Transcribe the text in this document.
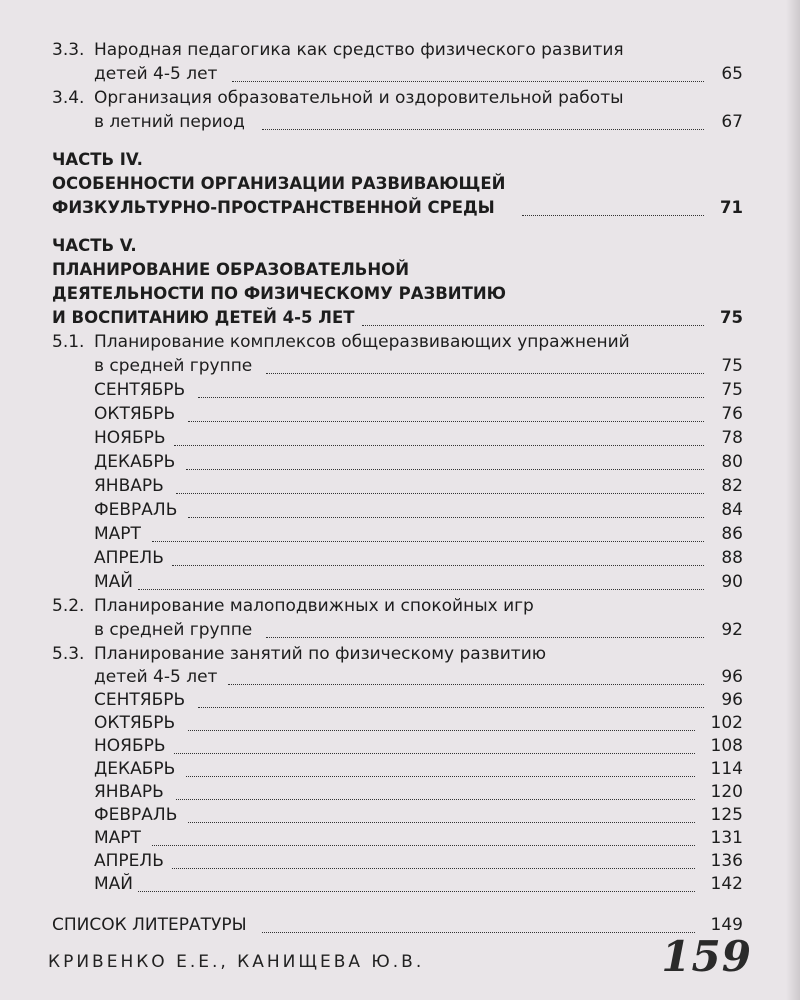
3.3. Народная педагогика как средство физического развития
детей 4-5 лет	65
3.4. Организация образовательной и оздоровительной работы
в летний период	67
ЧАСТЬ IV.
ОСОБЕННОСТИ ОРГАНИЗАЦИИ РАЗВИВАЮЩЕЙ
ФИЗКУЛЬТУРНО-ПРОСТРАНСТВЕННОЙ СРЕДЫ	71
ЧАСТЬ V.
ПЛАНИРОВАНИЕ ОБРАЗОВАТЕЛЬНОЙ
ДЕЯТЕЛЬНОСТИ ПО ФИЗИЧЕСКОМУ РАЗВИТИЮ
И ВОСПИТАНИЮ ДЕТЕЙ 4-5 ЛЕТ	75
5.1. Планирование комплексов общеразвивающих упражнений
в средней группе	75
СЕНТЯБРЬ	75
ОКТЯБРЬ	76
НОЯБРЬ	78
ДЕКАБРЬ	80
ЯНВАРЬ	82
ФЕВРАЛЬ	84
МАРТ	86
АПРЕЛЬ	88
МАЙ	90
5.2. Планирование малоподвижных и спокойных игр
в средней группе	92
5.3. Планирование занятий по физическому развитию
детей 4-5 лет	96
СЕНТЯБРЬ	96
ОКТЯБРЬ	102
НОЯБРЬ	108
ДЕКАБРЬ	114
ЯНВАРЬ	120
ФЕВРАЛЬ	125
МАРТ	131
АПРЕЛЬ	136
МАЙ	142
КРИВЕНКО Е.Е., КАНИЩЕВА Ю.В.	159
СПИСОК ЛИТЕРАТУРЫ	149
